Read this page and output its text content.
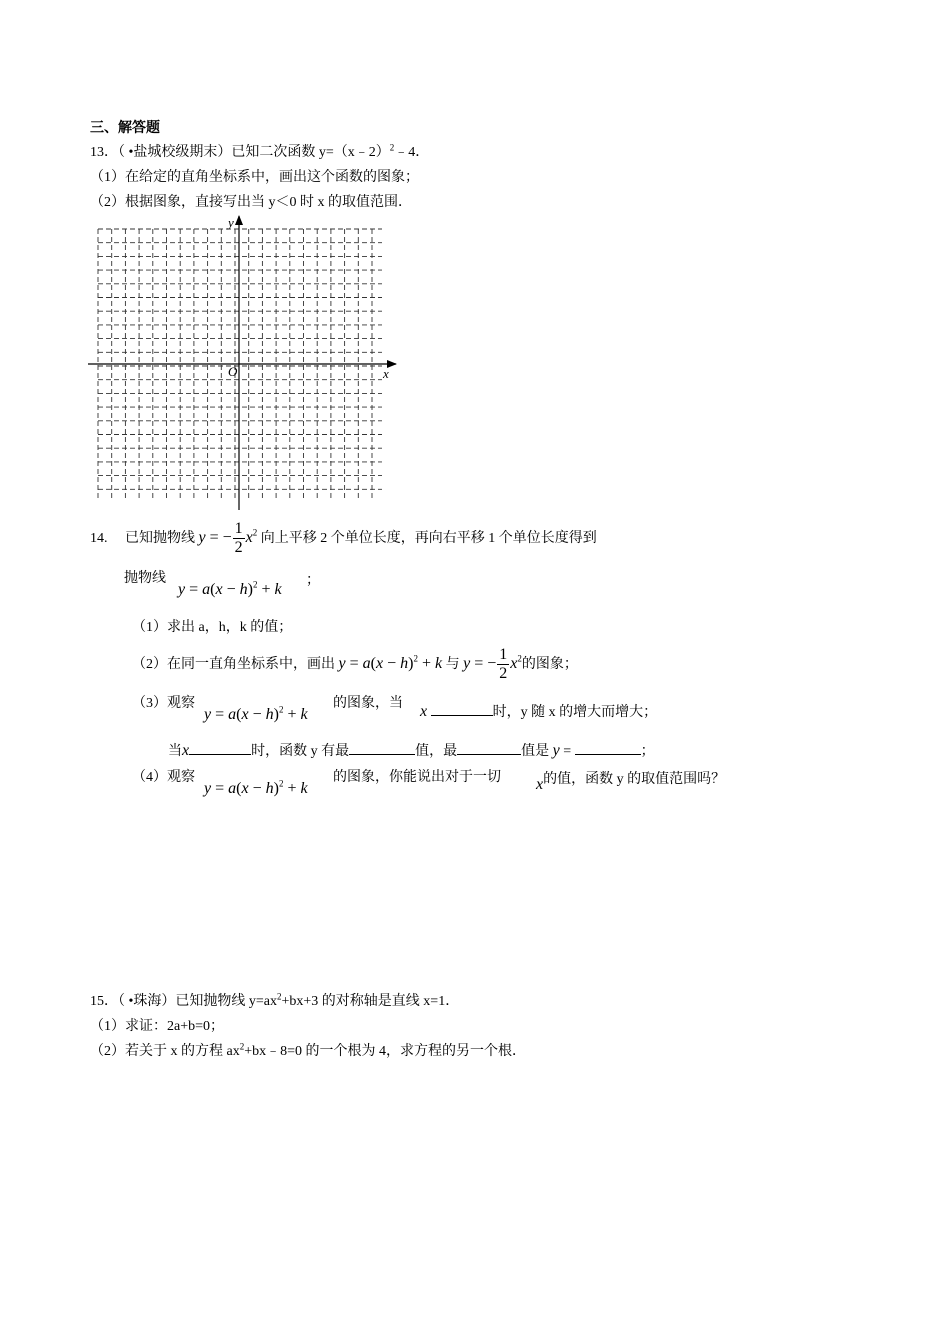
三、解答题
13．（ •盐城校级期末）已知二次函数 y=（x﹣2）$^2$﹣4．
（1）在给定的直角坐标系中，画出这个函数的图象；
（2）根据图象，直接写出当 y＜0 时 x 的取值范围．
y
x
O
14. 已知抛物线 y = − $\frac{1}{2} x^2$ 向上平移 2 个单位长度，再向右平移 1 个单位长度得到
抛物线
$y = a(x - h)^2 + k$
；
（1）求出 a，h，k 的值；
（2）在同一直角坐标系中，画出 $y = a(x - h)^2 + k$ 与 y = − $\frac{1}{2} x^2$的图象；
（3）观察
$y = a(x - h)^2 + k$
的图象，当 x	时，y 随 x 的增大而增大；
当x	时，函数 y 有最	值，最	值是 y =	；
（4）观察
$y = a(x - h)^2 + k$
的图象，你能说出对于一切 x的值，函数 y 的取值范围吗？
15．（ •珠海）已知抛物线 $y=ax^2+bx+3$ 的对称轴是直线 x=1．
（1）求证：2a+b=0；
（2）若关于 x 的方程 $ax^2+bx﹣8=0$ 的一个根为 4，求方程的另一个根．
